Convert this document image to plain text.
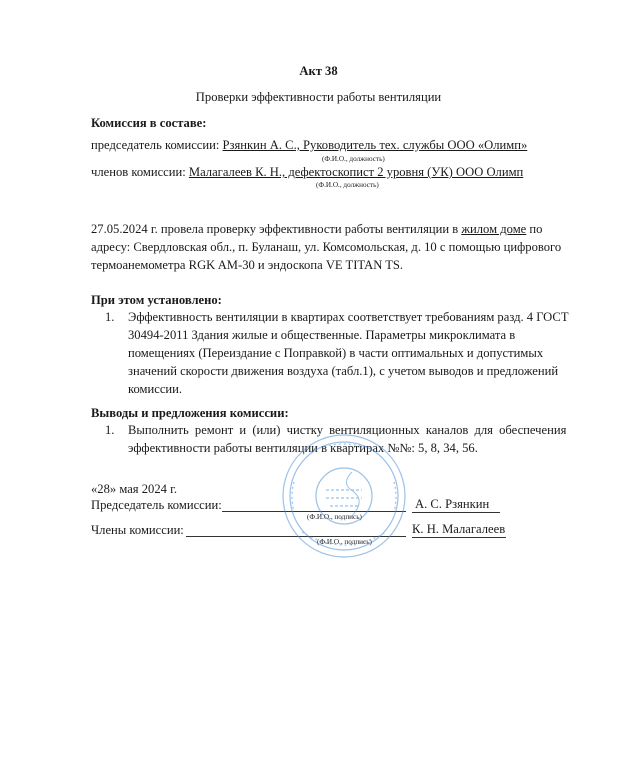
Акт 38
Проверки эффективности работы вентиляции
Комиссия в составе:
председатель комиссии: Рзянкин А. С., Руководитель тех. службы ООО «Олимп»
(Ф.И.О., должность)
членов комиссии: Малагалеев К. Н., дефектоскопист 2 уровня (УК) ООО Олимп
(Ф.И.О., должность)
27.05.2024 г. провела проверку эффективности работы вентиляции в жилом доме по
адресу: Свердловская обл., п. Буланаш, ул. Комсомольская, д. 10 с помощью цифрового
термоанемометра RGK AM-30 и эндоскопа VE TITAN TS.
При этом установлено:
1. Эффективность вентиляции в квартирах соответствует требованиям разд. 4 ГОСТ
30494-2011 Здания жилые и общественные. Параметры микроклимата в
помещениях (Переиздание с Поправкой) в части оптимальных и допустимых
значений скорости движения воздуха (табл.1), с учетом выводов и предложений
комиссии.
Выводы и предложения комиссии:
1. Выполнить ремонт и (или) чистку вентиляционных каналов для обеспечения
эффективности работы вентиляции в квартирах №№: 5, 8, 34, 56.
«28» мая 2024 г.
Председатель комиссии:	А. С. Рзянкин
(Ф.И.О., подпись)
Члены комиссии:	К. Н. Малагалеев
(Ф.И.О., подпись)
